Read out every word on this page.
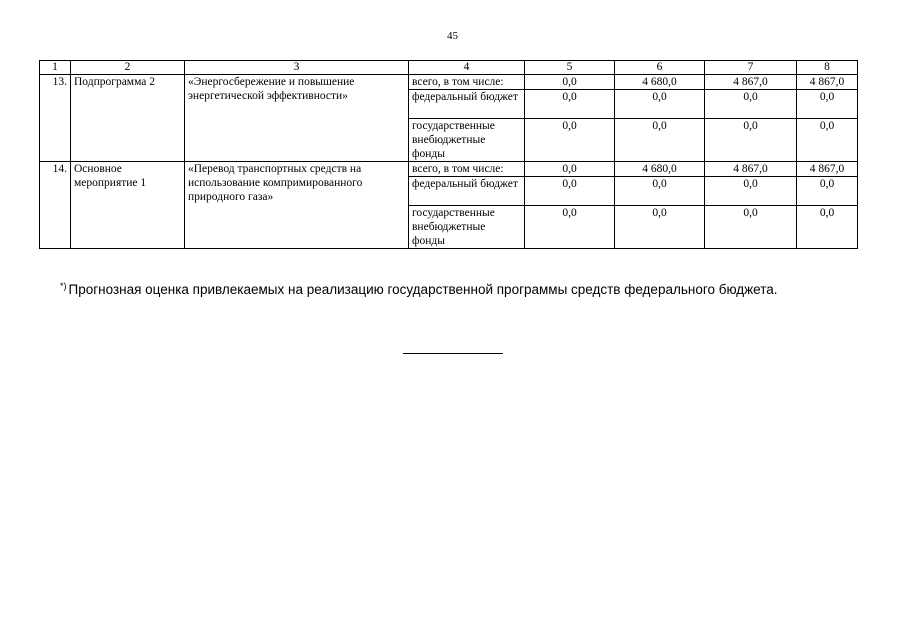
45
1	2	3	4	5	6	7	8
13.	Подпрограмма 2	«Энергосбережение и повышение энергетической эффективности»	всего, в том числе:	0,0	4 680,0	4 867,0	4 867,0
			федеральный бюджет	0,0	0,0	0,0	0,0
			государственные внебюджетные фонды	0,0	0,0	0,0	0,0
14.	Основное мероприятие 1	«Перевод транспортных средств на использование компримированного природного газа»	всего, в том числе:	0,0	4 680,0	4 867,0	4 867,0
			федеральный бюджет	0,0	0,0	0,0	0,0
			государственные внебюджетные фонды	0,0	0,0	0,0	0,0
*) Прогнозная оценка привлекаемых на реализацию государственной программы средств федерального бюджета.
